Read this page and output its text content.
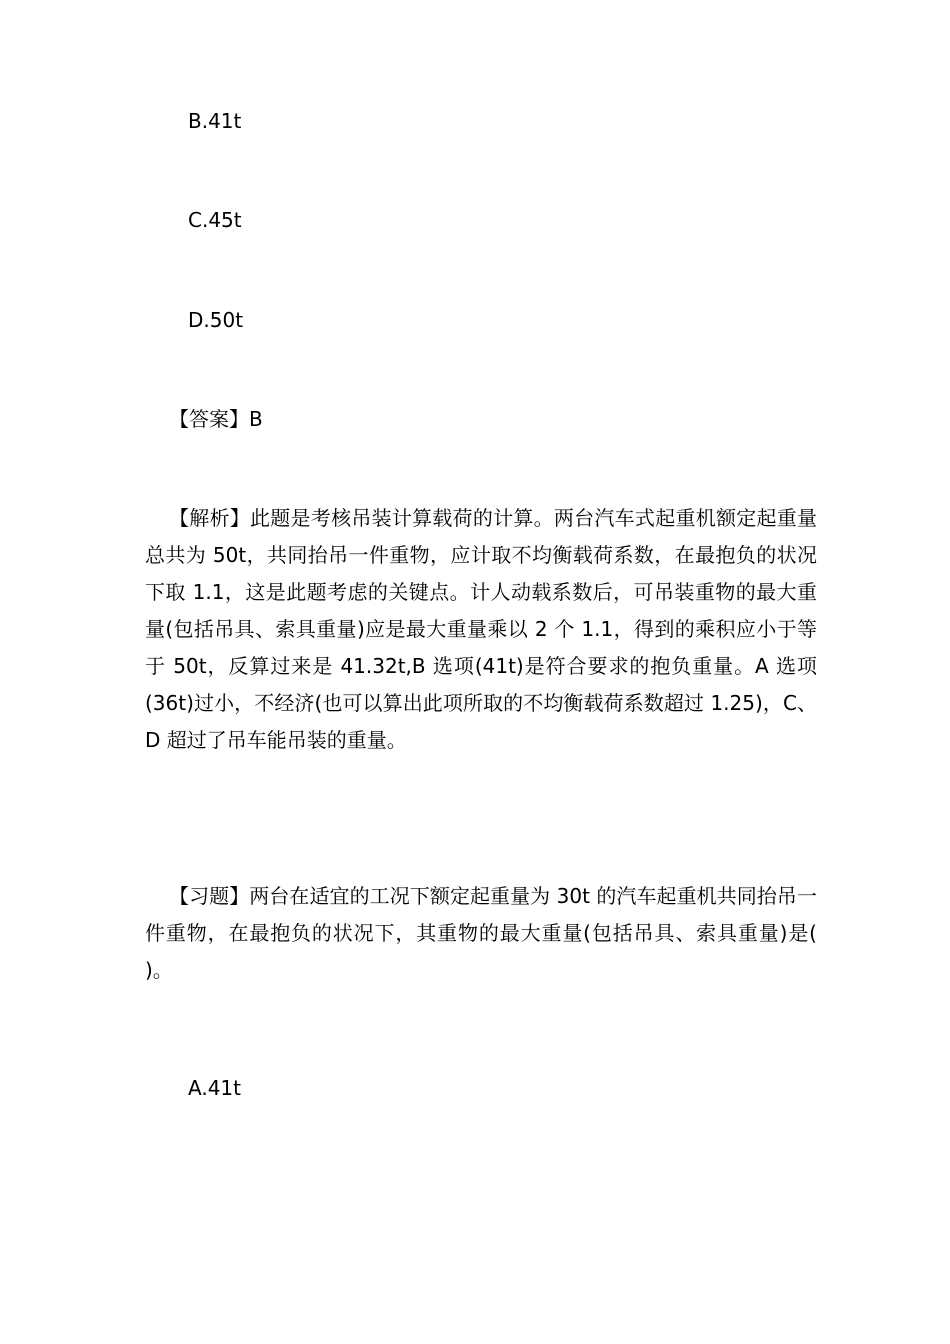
B.41t
C.45t
D.50t
【答案】B

【解析】此题是考核吊装计算载荷的计算。两台汽车式起重机额定起重量总共为 50t，共同抬吊一件重物，应计取不均衡载荷系数，在最抱负的状况下取 1.1，这是此题考虑的关键点。计人动载系数后，可吊装重物的最大重量(包括吊具、索具重量)应是最大重量乘以 2 个 1.1，得到的乘积应小于等于 50t，反算过来是 41.32t,B 选项(41t)是符合要求的抱负重量。A 选项(36t)过小，不经济(也可以算出此项所取的不均衡载荷系数超过 1.25)，C、D 超过了吊车能吊装的重量。

【习题】两台在适宜的工况下额定起重量为 30t 的汽车起重机共同抬吊一件重物，在最抱负的状况下，其重物的最大重量(包括吊具、索具重量)是( )。

A.41t
